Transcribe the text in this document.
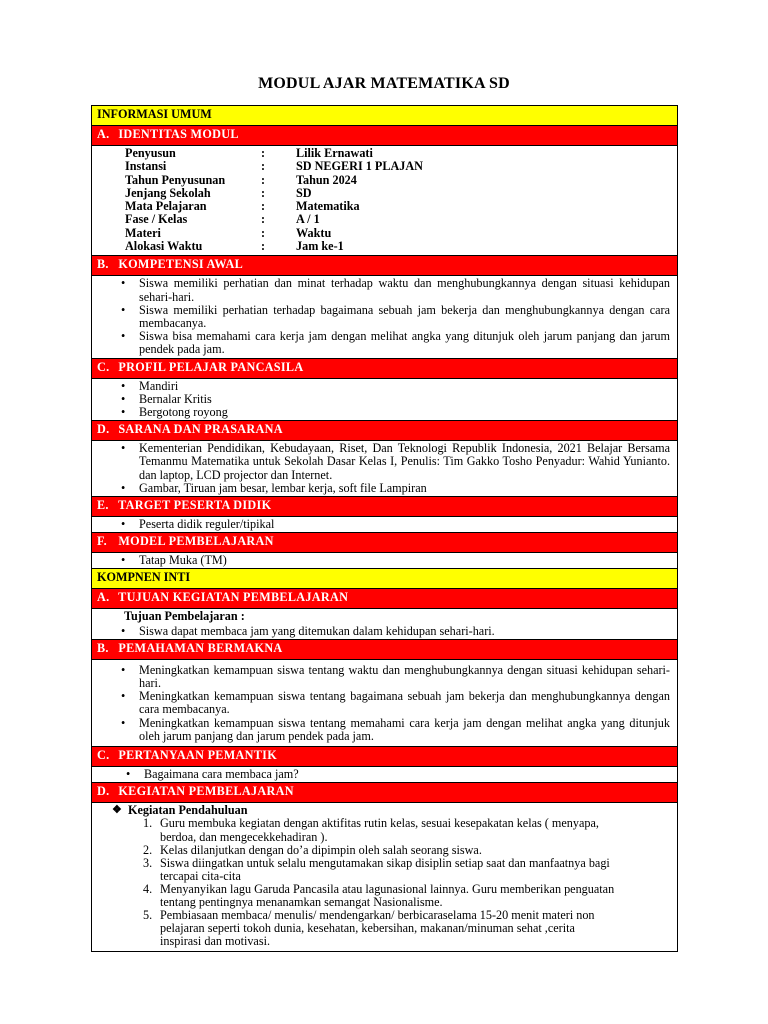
MODUL AJAR MATEMATIKA SD
INFORMASI UMUM
A. IDENTITAS MODUL

Penyusun	:	Lilik Ernawati
Instansi	:	SD NEGERI 1 PLAJAN
Tahun Penyusunan	:	Tahun 2024
Jenjang Sekolah	:	SD
Mata Pelajaran	:	Matematika
Fase / Kelas	:	A / 1
Materi	:	Waktu
Alokasi Waktu	:	Jam ke-1

B. KOMPETENSI AWAL

• Siswa memiliki perhatian dan minat terhadap waktu dan menghubungkannya dengan situasi kehidupan sehari-hari.
• Siswa memiliki perhatian terhadap bagaimana sebuah jam bekerja dan menghubungkannya dengan cara membacanya.
• Siswa bisa memahami cara kerja jam dengan melihat angka yang ditunjuk oleh jarum panjang dan jarum pendek pada jam.

C. PROFIL PELAJAR PANCASILA

• Mandiri
• Bernalar Kritis
• Bergotong royong

D. SARANA DAN PRASARANA

• Kementerian Pendidikan, Kebudayaan, Riset, Dan Teknologi Republik Indonesia, 2021 Belajar Bersama Temanmu Matematika untuk Sekolah Dasar Kelas I, Penulis: Tim Gakko Tosho Penyadur: Wahid Yunianto. dan laptop, LCD projector dan Internet.
• Gambar, Tiruan jam besar, lembar kerja, soft file Lampiran

E. TARGET PESERTA DIDIK

• Peserta didik reguler/tipikal

F. MODEL PEMBELAJARAN

• Tatap Muka (TM)

KOMPNEN INTI
A. TUJUAN KEGIATAN PEMBELAJARAN

Tujuan Pembelajaran :
• Siswa dapat membaca jam yang ditemukan dalam kehidupan sehari-hari.

B. PEMAHAMAN BERMAKNA

• Meningkatkan kemampuan siswa tentang waktu dan menghubungkannya dengan situasi kehidupan sehari-hari.
• Meningkatkan kemampuan siswa tentang bagaimana sebuah jam bekerja dan menghubungkannya dengan cara membacanya.
• Meningkatkan kemampuan siswa tentang memahami cara kerja jam dengan melihat angka yang ditunjuk oleh jarum panjang dan jarum pendek pada jam.

C. PERTANYAAN PEMANTIK

• Bagaimana cara membaca jam?

D. KEGIATAN PEMBELAJARAN

❖ Kegiatan Pendahuluan
1. Guru membuka kegiatan dengan aktifitas rutin kelas, sesuai kesepakatan kelas ( menyapa, berdoa, dan mengecekkehadiran ).
2. Kelas dilanjutkan dengan do’a dipimpin oleh salah seorang siswa.
3. Siswa diingatkan untuk selalu mengutamakan sikap disiplin setiap saat dan manfaatnya bagi tercapai cita-cita
4. Menyanyikan lagu Garuda Pancasila atau lagunasional lainnya. Guru memberikan penguatan tentang pentingnya menanamkan semangat Nasionalisme.
5. Pembiasaan membaca/ menulis/ mendengarkan/ berbicaraselama 15-20 menit materi non pelajaran seperti tokoh dunia, kesehatan, kebersihan, makanan/minuman sehat ,cerita inspirasi dan motivasi.
